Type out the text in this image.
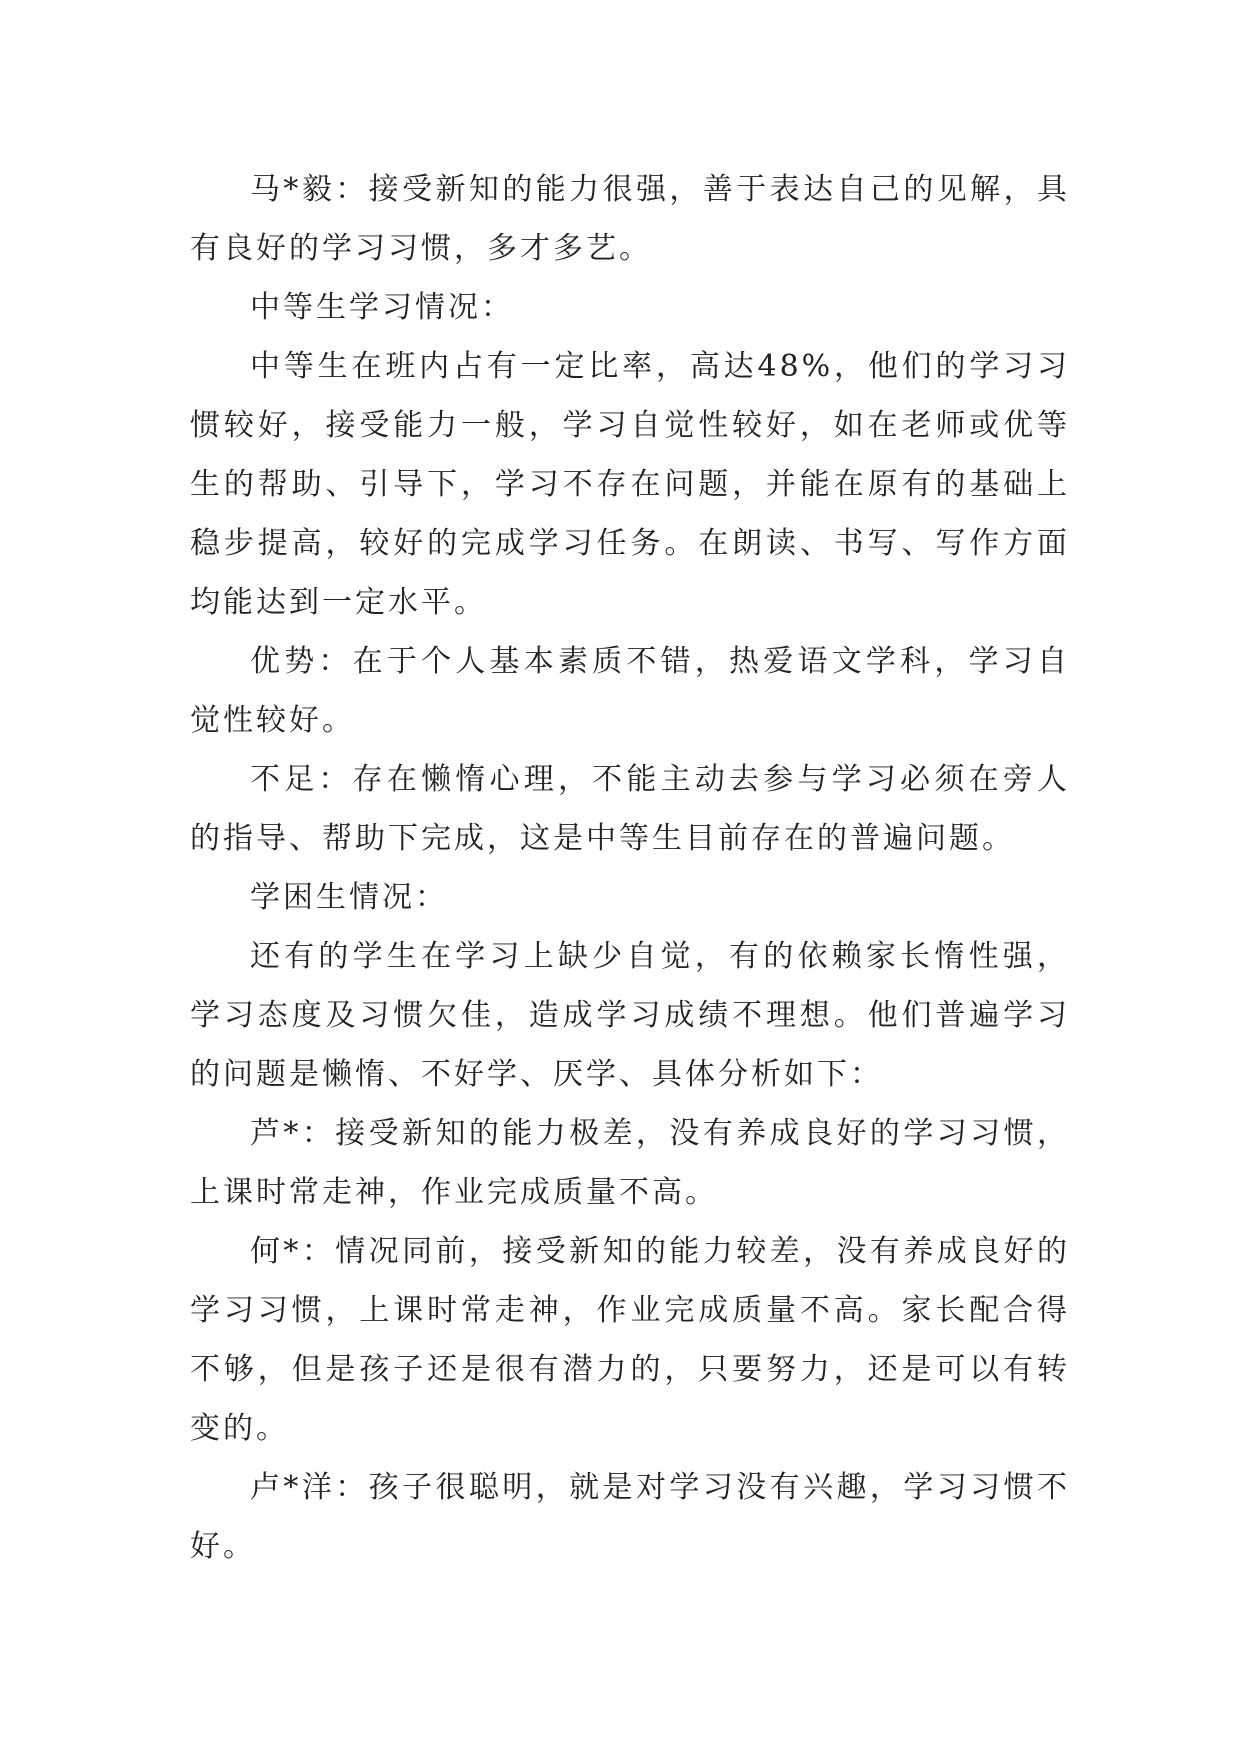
马*毅：接受新知的能力很强，善于表达自己的见解，具有良好的学习习惯，多才多艺。

中等生学习情况：

中等生在班内占有一定比率，高达48%，他们的学习习惯较好，接受能力一般，学习自觉性较好，如在老师或优等生的帮助、引导下，学习不存在问题，并能在原有的基础上稳步提高，较好的完成学习任务。在朗读、书写、写作方面均能达到一定水平。

优势：在于个人基本素质不错，热爱语文学科，学习自觉性较好。

不足：存在懒惰心理，不能主动去参与学习必须在旁人的指导、帮助下完成，这是中等生目前存在的普遍问题。

学困生情况：

还有的学生在学习上缺少自觉，有的依赖家长惰性强，学习态度及习惯欠佳，造成学习成绩不理想。他们普遍学习的问题是懒惰、不好学、厌学、具体分析如下：

芦*：接受新知的能力极差，没有养成良好的学习习惯，上课时常走神，作业完成质量不高。

何*：情况同前，接受新知的能力较差，没有养成良好的学习习惯，上课时常走神，作业完成质量不高。家长配合得不够，但是孩子还是很有潜力的，只要努力，还是可以有转变的。

卢*洋：孩子很聪明，就是对学习没有兴趣，学习习惯不好。
